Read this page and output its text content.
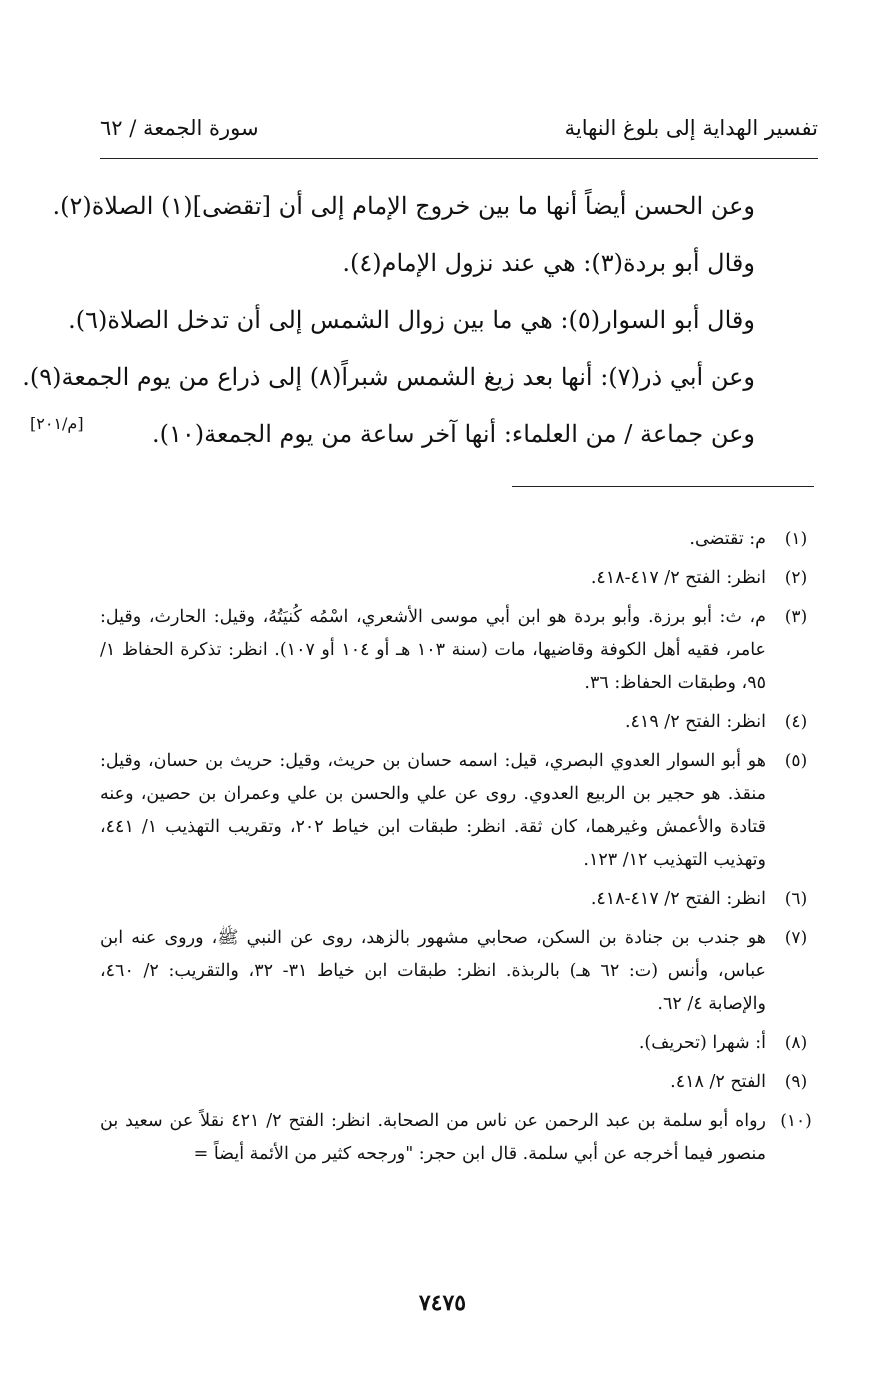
تفسير الهداية إلى بلوغ النهاية
سورة الجمعة / ٦٢
وعن الحسن أيضاً أنها ما بين خروج الإمام إلى أن [تقضى](١) الصلاة(٢).
وقال أبو بردة(٣): هي عند نزول الإمام(٤).
وقال أبو السوار(٥): هي ما بين زوال الشمس إلى أن تدخل الصلاة(٦).
وعن أبي ذر(٧): أنها بعد زيغ الشمس شبراً(٨) إلى ذراع من يوم الجمعة(٩).
وعن جماعة / من العلماء: أنها آخر ساعة من يوم الجمعة(١٠).
[م/٢٠١]
(١)
م: تقتضى.
(٢)
انظر: الفتح ٢/ ٤١٧-٤١٨.
(٣)
م، ث: أبو برزة. وأبو بردة هو ابن أبي موسى الأشعري، اسْمُه كُنيَتُهُ، وقيل: الحارث، وقيل: عامر، فقيه أهل الكوفة وقاضيها، مات (سنة ١٠٣ هـ أو ١٠٤ أو ١٠٧). انظر: تذكرة الحفاظ ١/ ٩٥، وطبقات الحفاظ: ٣٦.
(٤)
انظر: الفتح ٢/ ٤١٩.
(٥)
هو أبو السوار العدوي البصري، قيل: اسمه حسان بن حريث، وقيل: حريث بن حسان، وقيل: منقذ. هو حجير بن الربيع العدوي. روى عن علي والحسن بن علي وعمران بن حصين، وعنه قتادة والأعمش وغيرهما، كان ثقة. انظر: طبقات ابن خياط ٢٠٢، وتقريب التهذيب ١/ ٤٤١، وتهذيب التهذيب ١٢/ ١٢٣.
(٦)
انظر: الفتح ٢/ ٤١٧-٤١٨.
(٧)
هو جندب بن جنادة بن السكن، صحابي مشهور بالزهد، روى عن النبي ﷺ، وروى عنه ابن عباس، وأنس (ت: ٦٢ هـ) بالربذة. انظر: طبقات ابن خياط ٣١- ٣٢، والتقريب: ٢/ ٤٦٠، والإصابة ٤/ ٦٢.
(٨)
أ: شهرا (تحريف).
(٩)
الفتح ٢/ ٤١٨.
(١٠)
رواه أبو سلمة بن عبد الرحمن عن ناس من الصحابة. انظر: الفتح ٢/ ٤٢١ نقلاً عن سعيد بن منصور فيما أخرجه عن أبي سلمة. قال ابن حجر: "ورجحه كثير من الأئمة أيضاً =
٧٤٧٥
